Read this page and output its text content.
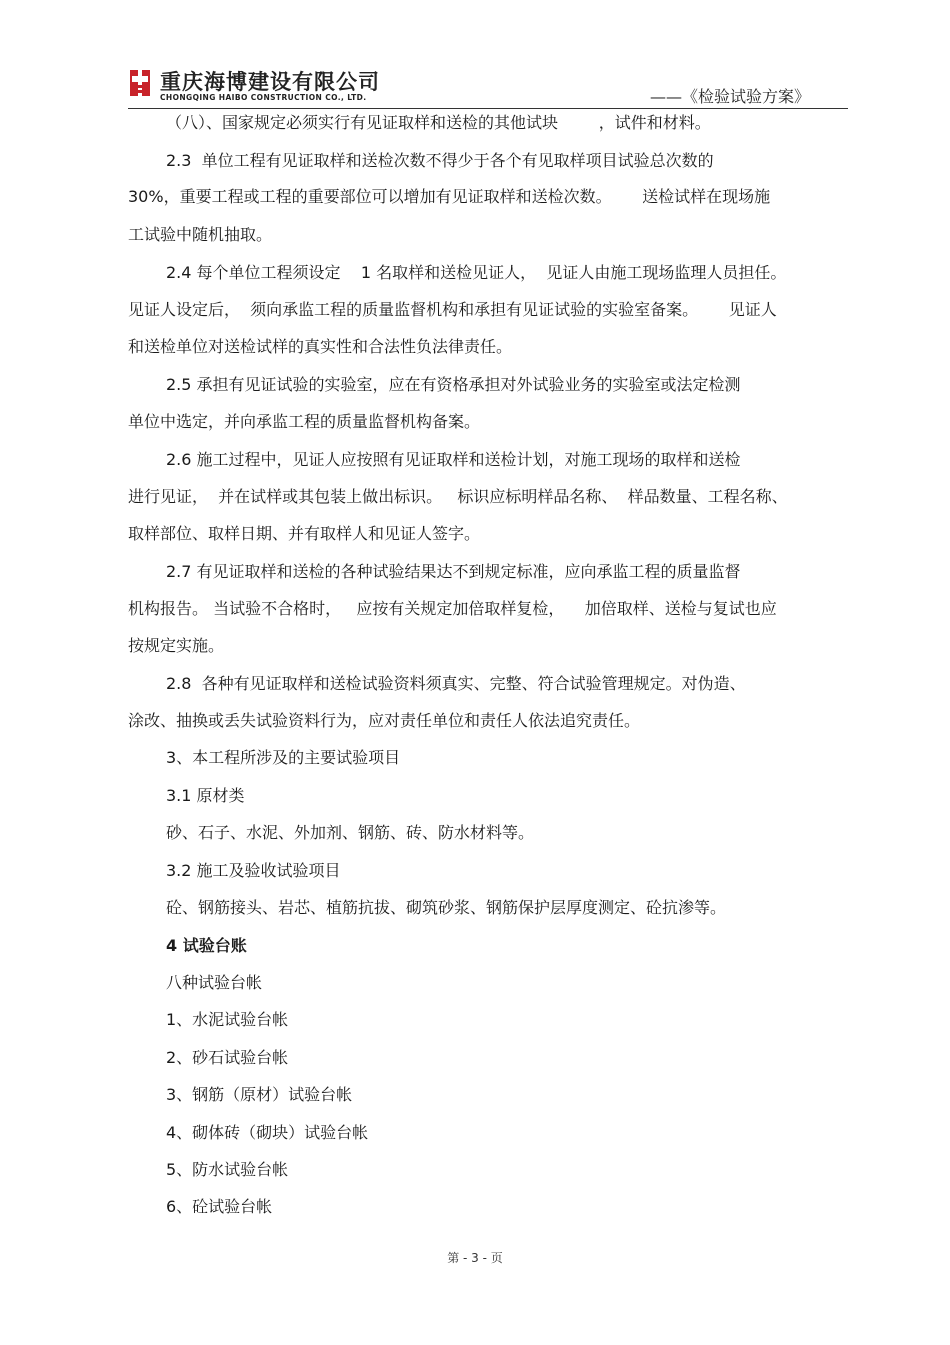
重庆海博建设有限公司
CHONGQING HAIBO CONSTRUCTION CO., LTD.	——《检验试验方案》
（八）、国家规定必须实行有见证取样和送检的其他试块        ，试件和材料。
2.3  单位工程有见证取样和送检次数不得少于各个有见取样项目试验总次数的
30%，重要工程或工程的重要部位可以增加有见证取样和送检次数。      送检试样在现场施
工试验中随机抽取。
2.4 每个单位工程须设定    1 名取样和送检见证人，  见证人由施工现场监理人员担任。
见证人设定后，  须向承监工程的质量监督机构和承担有见证试验的实验室备案。      见证人
和送检单位对送检试样的真实性和合法性负法律责任。
2.5 承担有见证试验的实验室，应在有资格承担对外试验业务的实验室或法定检测
单位中选定，并向承监工程的质量监督机构备案。
2.6 施工过程中，见证人应按照有见证取样和送检计划，对施工现场的取样和送检
进行见证，  并在试样或其包装上做出标识。   标识应标明样品名称、  样品数量、工程名称、
取样部位、取样日期、并有取样人和见证人签字。
2.7 有见证取样和送检的各种试验结果达不到规定标准，应向承监工程的质量监督
机构报告。 当试验不合格时，   应按有关规定加倍取样复检，    加倍取样、送检与复试也应
按规定实施。
2.8  各种有见证取样和送检试验资料须真实、完整、符合试验管理规定。对伪造、
涂改、抽换或丢失试验资料行为，应对责任单位和责任人依法追究责任。
3、本工程所涉及的主要试验项目
3.1 原材类
砂、石子、水泥、外加剂、钢筋、砖、防水材料等。
3.2 施工及验收试验项目
砼、钢筋接头、岩芯、植筋抗拔、砌筑砂浆、钢筋保护层厚度测定、砼抗渗等。
4 试验台账
八种试验台帐
1、水泥试验台帐
2、砂石试验台帐
3、钢筋（原材）试验台帐
4、砌体砖（砌块）试验台帐
5、防水试验台帐
6、砼试验台帐
第 - 3 - 页
